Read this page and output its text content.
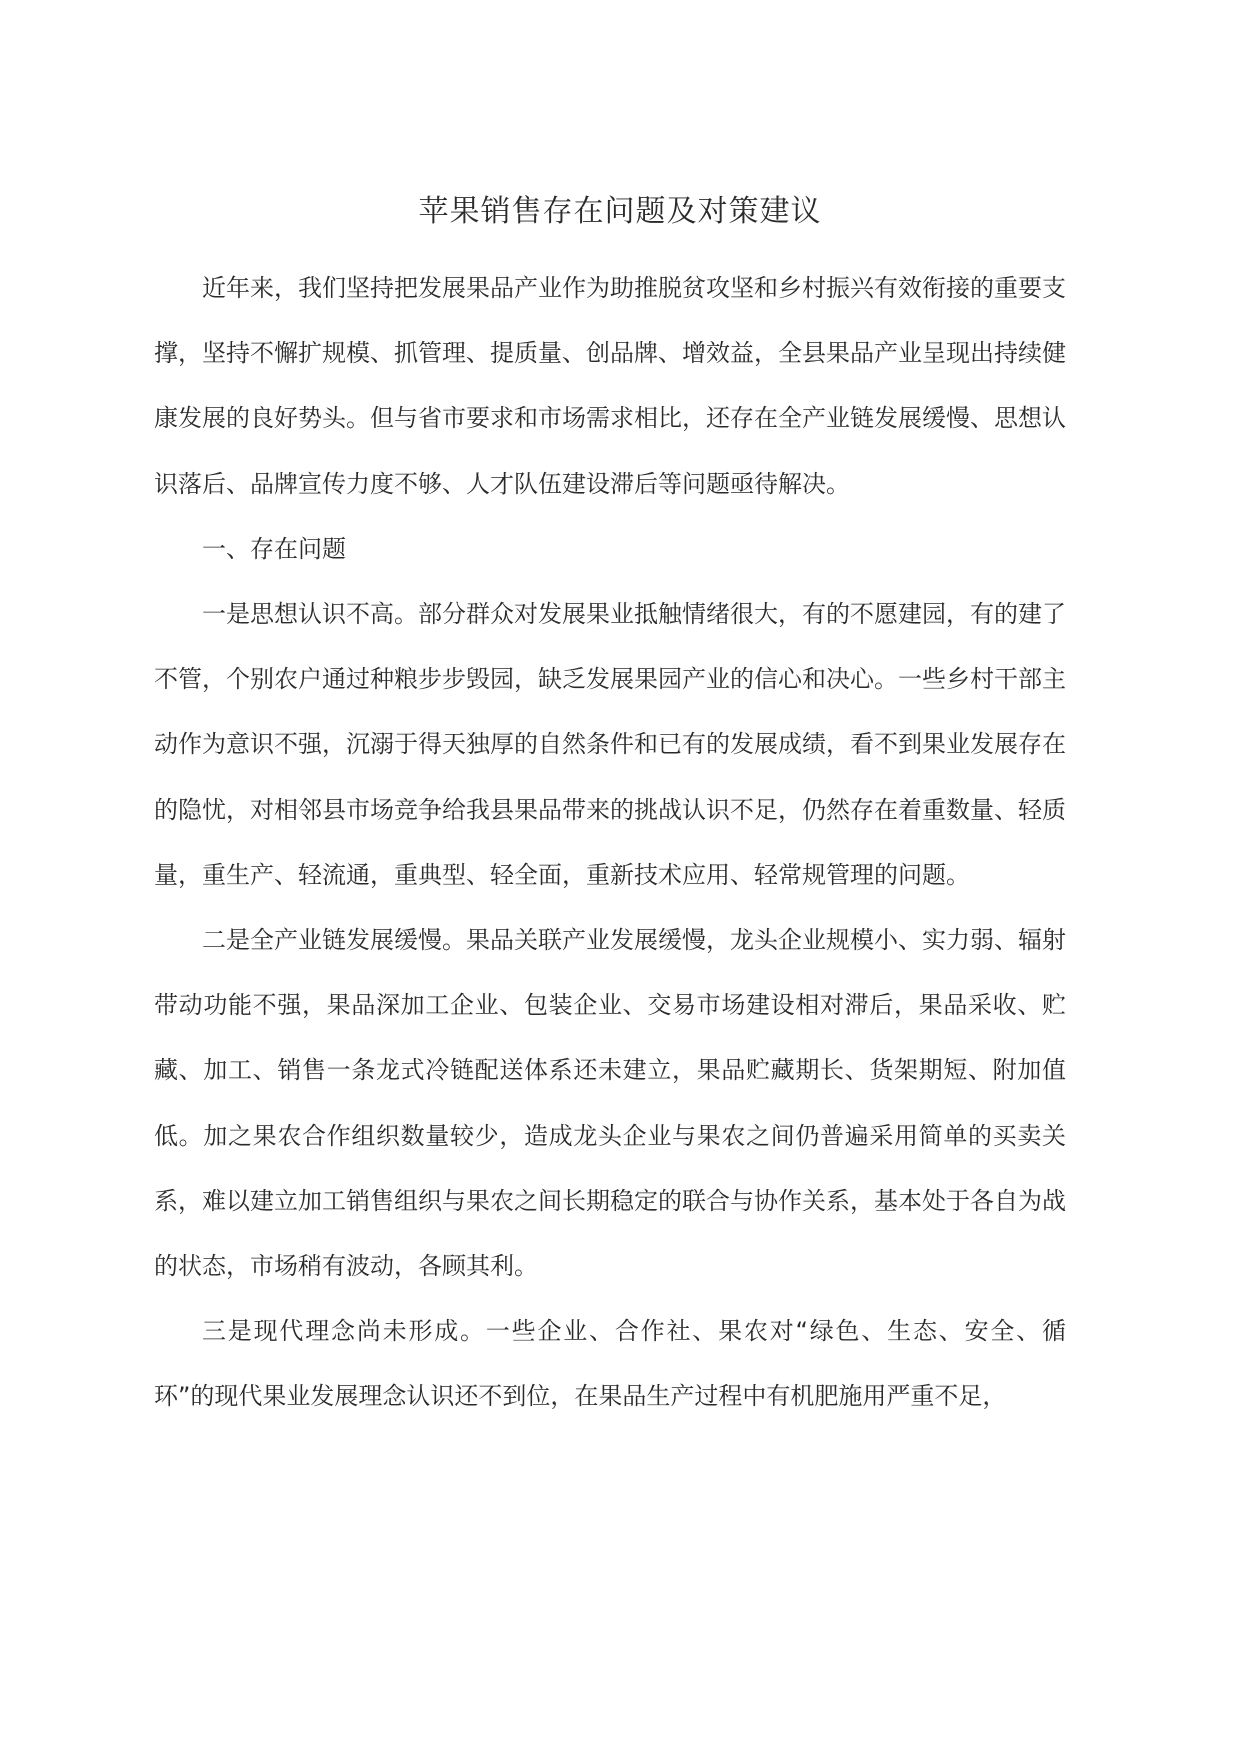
苹果销售存在问题及对策建议

近年来，我们坚持把发展果品产业作为助推脱贫攻坚和乡村振兴有效衔接的重要支撑，坚持不懈扩规模、抓管理、提质量、创品牌、增效益，全县果品产业呈现出持续健康发展的良好势头。但与省市要求和市场需求相比，还存在全产业链发展缓慢、思想认识落后、品牌宣传力度不够、人才队伍建设滞后等问题亟待解决。

一、存在问题

一是思想认识不高。部分群众对发展果业抵触情绪很大，有的不愿建园，有的建了不管，个别农户通过种粮步步毁园，缺乏发展果园产业的信心和决心。一些乡村干部主动作为意识不强，沉溺于得天独厚的自然条件和已有的发展成绩，看不到果业发展存在的隐忧，对相邻县市场竞争给我县果品带来的挑战认识不足，仍然存在着重数量、轻质量，重生产、轻流通，重典型、轻全面，重新技术应用、轻常规管理的问题。

二是全产业链发展缓慢。果品关联产业发展缓慢，龙头企业规模小、实力弱、辐射带动功能不强，果品深加工企业、包装企业、交易市场建设相对滞后，果品采收、贮藏、加工、销售一条龙式冷链配送体系还未建立，果品贮藏期长、货架期短、附加值低。加之果农合作组织数量较少，造成龙头企业与果农之间仍普遍采用简单的买卖关系，难以建立加工销售组织与果农之间长期稳定的联合与协作关系，基本处于各自为战的状态，市场稍有波动，各顾其利。

三是现代理念尚未形成。一些企业、合作社、果农对“绿色、生态、安全、循环”的现代果业发展理念认识还不到位，在果品生产过程中有机肥施用严重不足，
